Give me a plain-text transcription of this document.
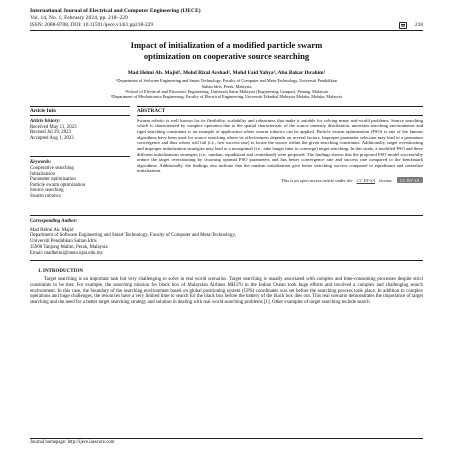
International Journal of Electrical and Computer Engineering (IJECE)
Vol. 14, No. 1, February 2024, pp. 218~229
ISSN: 2088-8708, DOI: 10.11591/ijece.v14i1.pp218-229	218
Impact of initialization of a modified particle swarm
optimization on cooperative source searching
Mad Helmi Ab. Majid¹, Mohd Rizal Arshad², Mohd Faid Yahya³, Abu Bakar Ibrahim¹
¹Department of Software Engineering and Smart Technology, Faculty of Computer and Meta-Technology, Universiti Pendidikan
Sultan Idris, Perak, Malaysia
²School of Electrical and Electronic Engineering, Universiti Sains Malaysia (Engineering Campus), Penang, Malaysia
³Department of Mechatronics Engineering, Faculty of Electrical Engineering, Universiti Teknikal Malaysia Melaka, Melaka, Malaysia
Article Info
Article history:
Received May 11, 2023
Revised Jul 29, 2023
Accepted Aug 1, 2023
Keywords:
Cooperative searching
Initialization
Parameter optimization
Particle swarm optimization
Source searching
Swarm robotics
ABSTRACT
Swarm robotic is well known for its flexibility, scalability and robustness that make it suitable for solving many real-world problems. Source searching which is characterized by complex operation due to the spatial characteristic of the source intensity distribution, uncertain searching environments and rigid searching constraints is an example of application where swarm robotics can be applied. Particle swarm optimization (PSO) is one of the famous algorithms have been used for source searching where its effectiveness depends on several factors. Improper parameter selection may lead to a premature convergence and thus robots will fail (i.e., low success rate) to locate the source within the given searching constraints. Additionally, target overshooting and improper initialization strategies may lead to a nonoptimal (i.e., take longer time to converge) target searching. In this study, a modified PSO and three different initializations strategies (i.e., random, equidistant and centralized) were proposed. The findings shown that the proposed PSO model successfully reduce the target overshooting by choosing optimal PSO parameters and has better convergence rate and success rate compared to the benchmark algorithms. Additionally, the findings also indicate that the random initialization give better searching success compared to equidistant and centralize initialization.
This is an open access article under the CC BY-SA license.	CC BY SA
Corresponding Author:
Mad Helmi Ab. Majid
Department of Software Engineering and Smart Technology, Faculty of Computer and Meta-Technology,
Universiti Pendidikan Sultan Idris
35900 Tanjong Malim, Perak, Malaysia
Email: madhelmi@meta.upsi.edu.my
1. INTRODUCTION
Target searching is an important task but very challenging to solve in real world scenarios. Target searching is usually associated with complex and time-consuming processes despite strict constraints to be met. For example, the searching mission for black box of Malaysian Airlines MH370 in the Indian Ocean took huge efforts and involved a complex and challenging search environment. In this case, the boundary of the searching environment based on global positioning system (GPS) coordinates was set before the searching process took place. In addition to complex operations and huge challenges, the resources have a very limited time to search for the black box before the battery of the black box dies out. This real scenario demonstrates the importance of target searching and the need for a better target searching strategy and solution in dealing with real world searching problems [1]. Other examples of target searching include search
Journal homepage: http://ijece.iaescore.com
